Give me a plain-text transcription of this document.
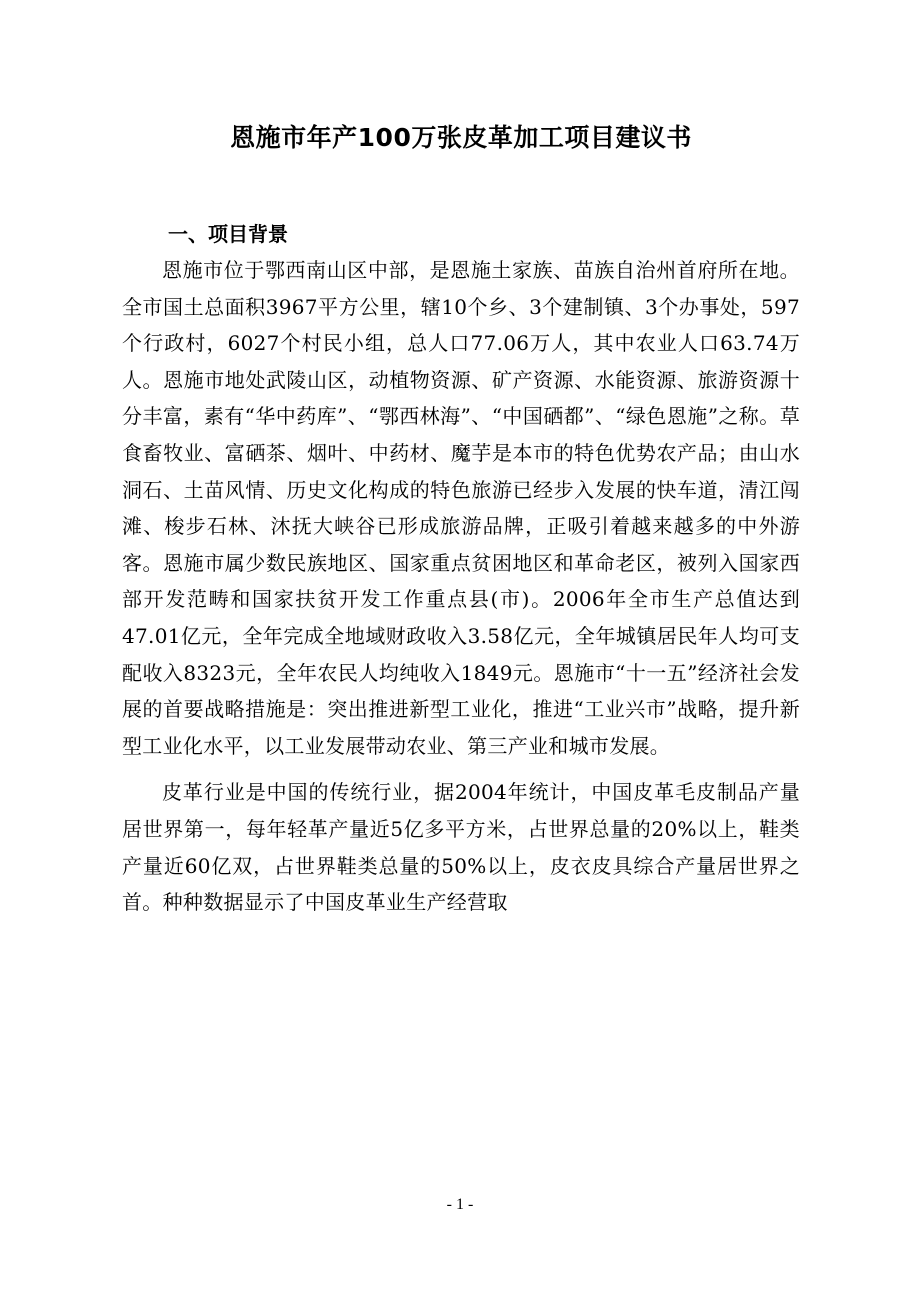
恩施市年产100万张皮革加工项目建议书
一、项目背景

恩施市位于鄂西南山区中部，是恩施土家族、苗族自治州首府所在地。全市国土总面积3967平方公里，辖10个乡、3个建制镇、3个办事处，597个行政村，6027个村民小组，总人口77.06万人，其中农业人口63.74万人。恩施市地处武陵山区，动植物资源、矿产资源、水能资源、旅游资源十分丰富，素有“华中药库”、“鄂西林海”、“中国硒都”、“绿色恩施”之称。草食畜牧业、富硒茶、烟叶、中药材、魔芋是本市的特色优势农产品；由山水洞石、土苗风情、历史文化构成的特色旅游已经步入发展的快车道，清江闯滩、梭步石林、沐抚大峡谷已形成旅游品牌，正吸引着越来越多的中外游客。恩施市属少数民族地区、国家重点贫困地区和革命老区，被列入国家西部开发范畴和国家扶贫开发工作重点县(市)。2006年全市生产总值达到47.01亿元，全年完成全地域财政收入3.58亿元，全年城镇居民年人均可支配收入8323元，全年农民人均纯收入1849元。恩施市“十一五”经济社会发展的首要战略措施是：突出推进新型工业化，推进“工业兴市”战略，提升新型工业化水平，以工业发展带动农业、第三产业和城市发展。

皮革行业是中国的传统行业，据2004年统计，中国皮革毛皮制品产量居世界第一，每年轻革产量近5亿多平方米，占世界总量的20%以上，鞋类产量近60亿双，占世界鞋类总量的50%以上，皮衣皮具综合产量居世界之首。种种数据显示了中国皮革业生产经营取

- 1 -
